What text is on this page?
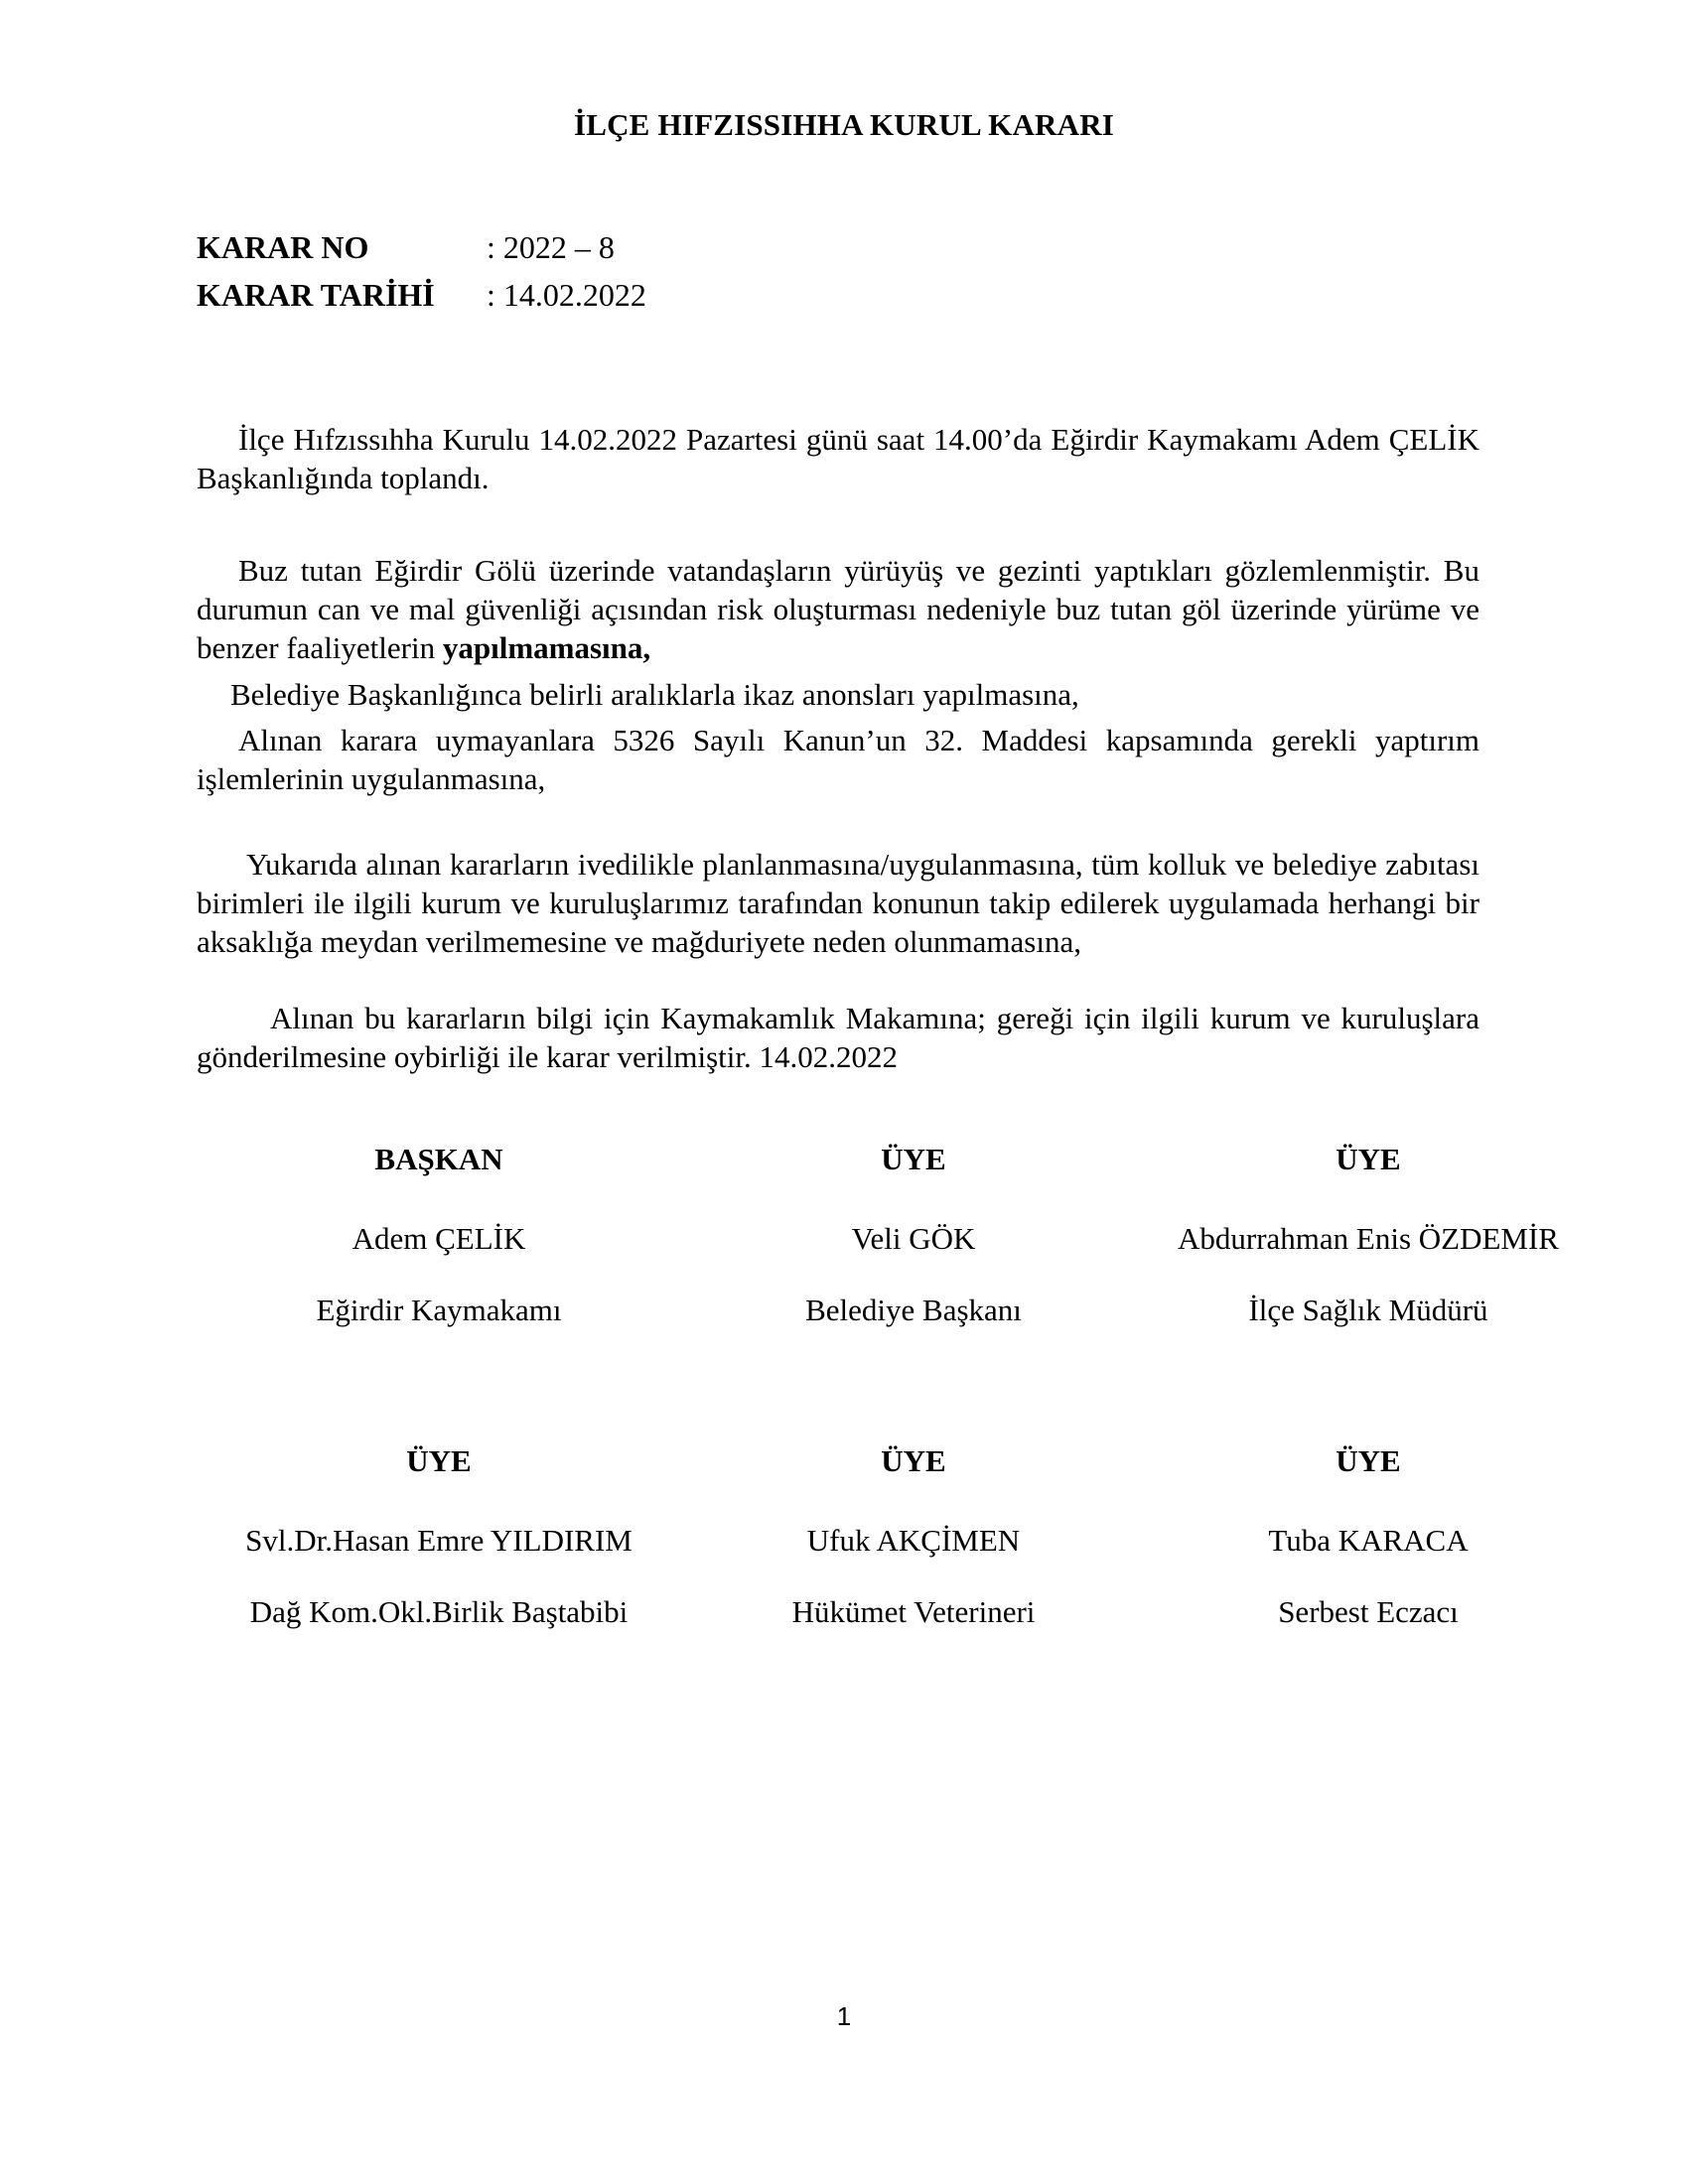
İLÇE HIFZISSIHHA KURUL KARARI
KARAR NO	: 2022 – 8
KARAR TARİHİ : 14.02.2022

İlçe Hıfzıssıhha Kurulu 14.02.2022 Pazartesi günü saat 14.00’da Eğirdir Kaymakamı Adem ÇELİK Başkanlığında toplandı.

Buz tutan Eğirdir Gölü üzerinde vatandaşların yürüyüş ve gezinti yaptıkları gözlemlenmiştir. Bu durumun can ve mal güvenliği açısından risk oluşturması nedeniyle buz tutan göl üzerinde yürüme ve benzer faaliyetlerin yapılmamasına,

Belediye Başkanlığınca belirli aralıklarla ikaz anonsları yapılmasına,

Alınan karara uymayanlara 5326 Sayılı Kanun’un 32. Maddesi kapsamında gerekli yaptırım işlemlerinin uygulanmasına,

Yukarıda alınan kararların ivedilikle planlanmasına/uygulanmasına, tüm kolluk ve belediye zabıtası birimleri ile ilgili kurum ve kuruluşlarımız tarafından konunun takip edilerek uygulamada herhangi bir aksaklığa meydan verilmemesine ve mağduriyete neden olunmamasına,

Alınan bu kararların bilgi için Kaymakamlık Makamına; gereği için ilgili kurum ve kuruluşlara gönderilmesine oybirliği ile karar verilmiştir. 14.02.2022

BAŞKAN
Adem ÇELİK
Eğirdir Kaymakamı
ÜYE
Veli GÖK
Belediye Başkanı
ÜYE
Abdurrahman Enis ÖZDEMİR
İlçe Sağlık Müdürü
ÜYE
Svl.Dr.Hasan Emre YILDIRIM
Dağ Kom.Okl.Birlik Baştabibi
ÜYE
Ufuk AKÇİMEN
Hükümet Veterineri
ÜYE
Tuba KARACA
Serbest Eczacı
1
